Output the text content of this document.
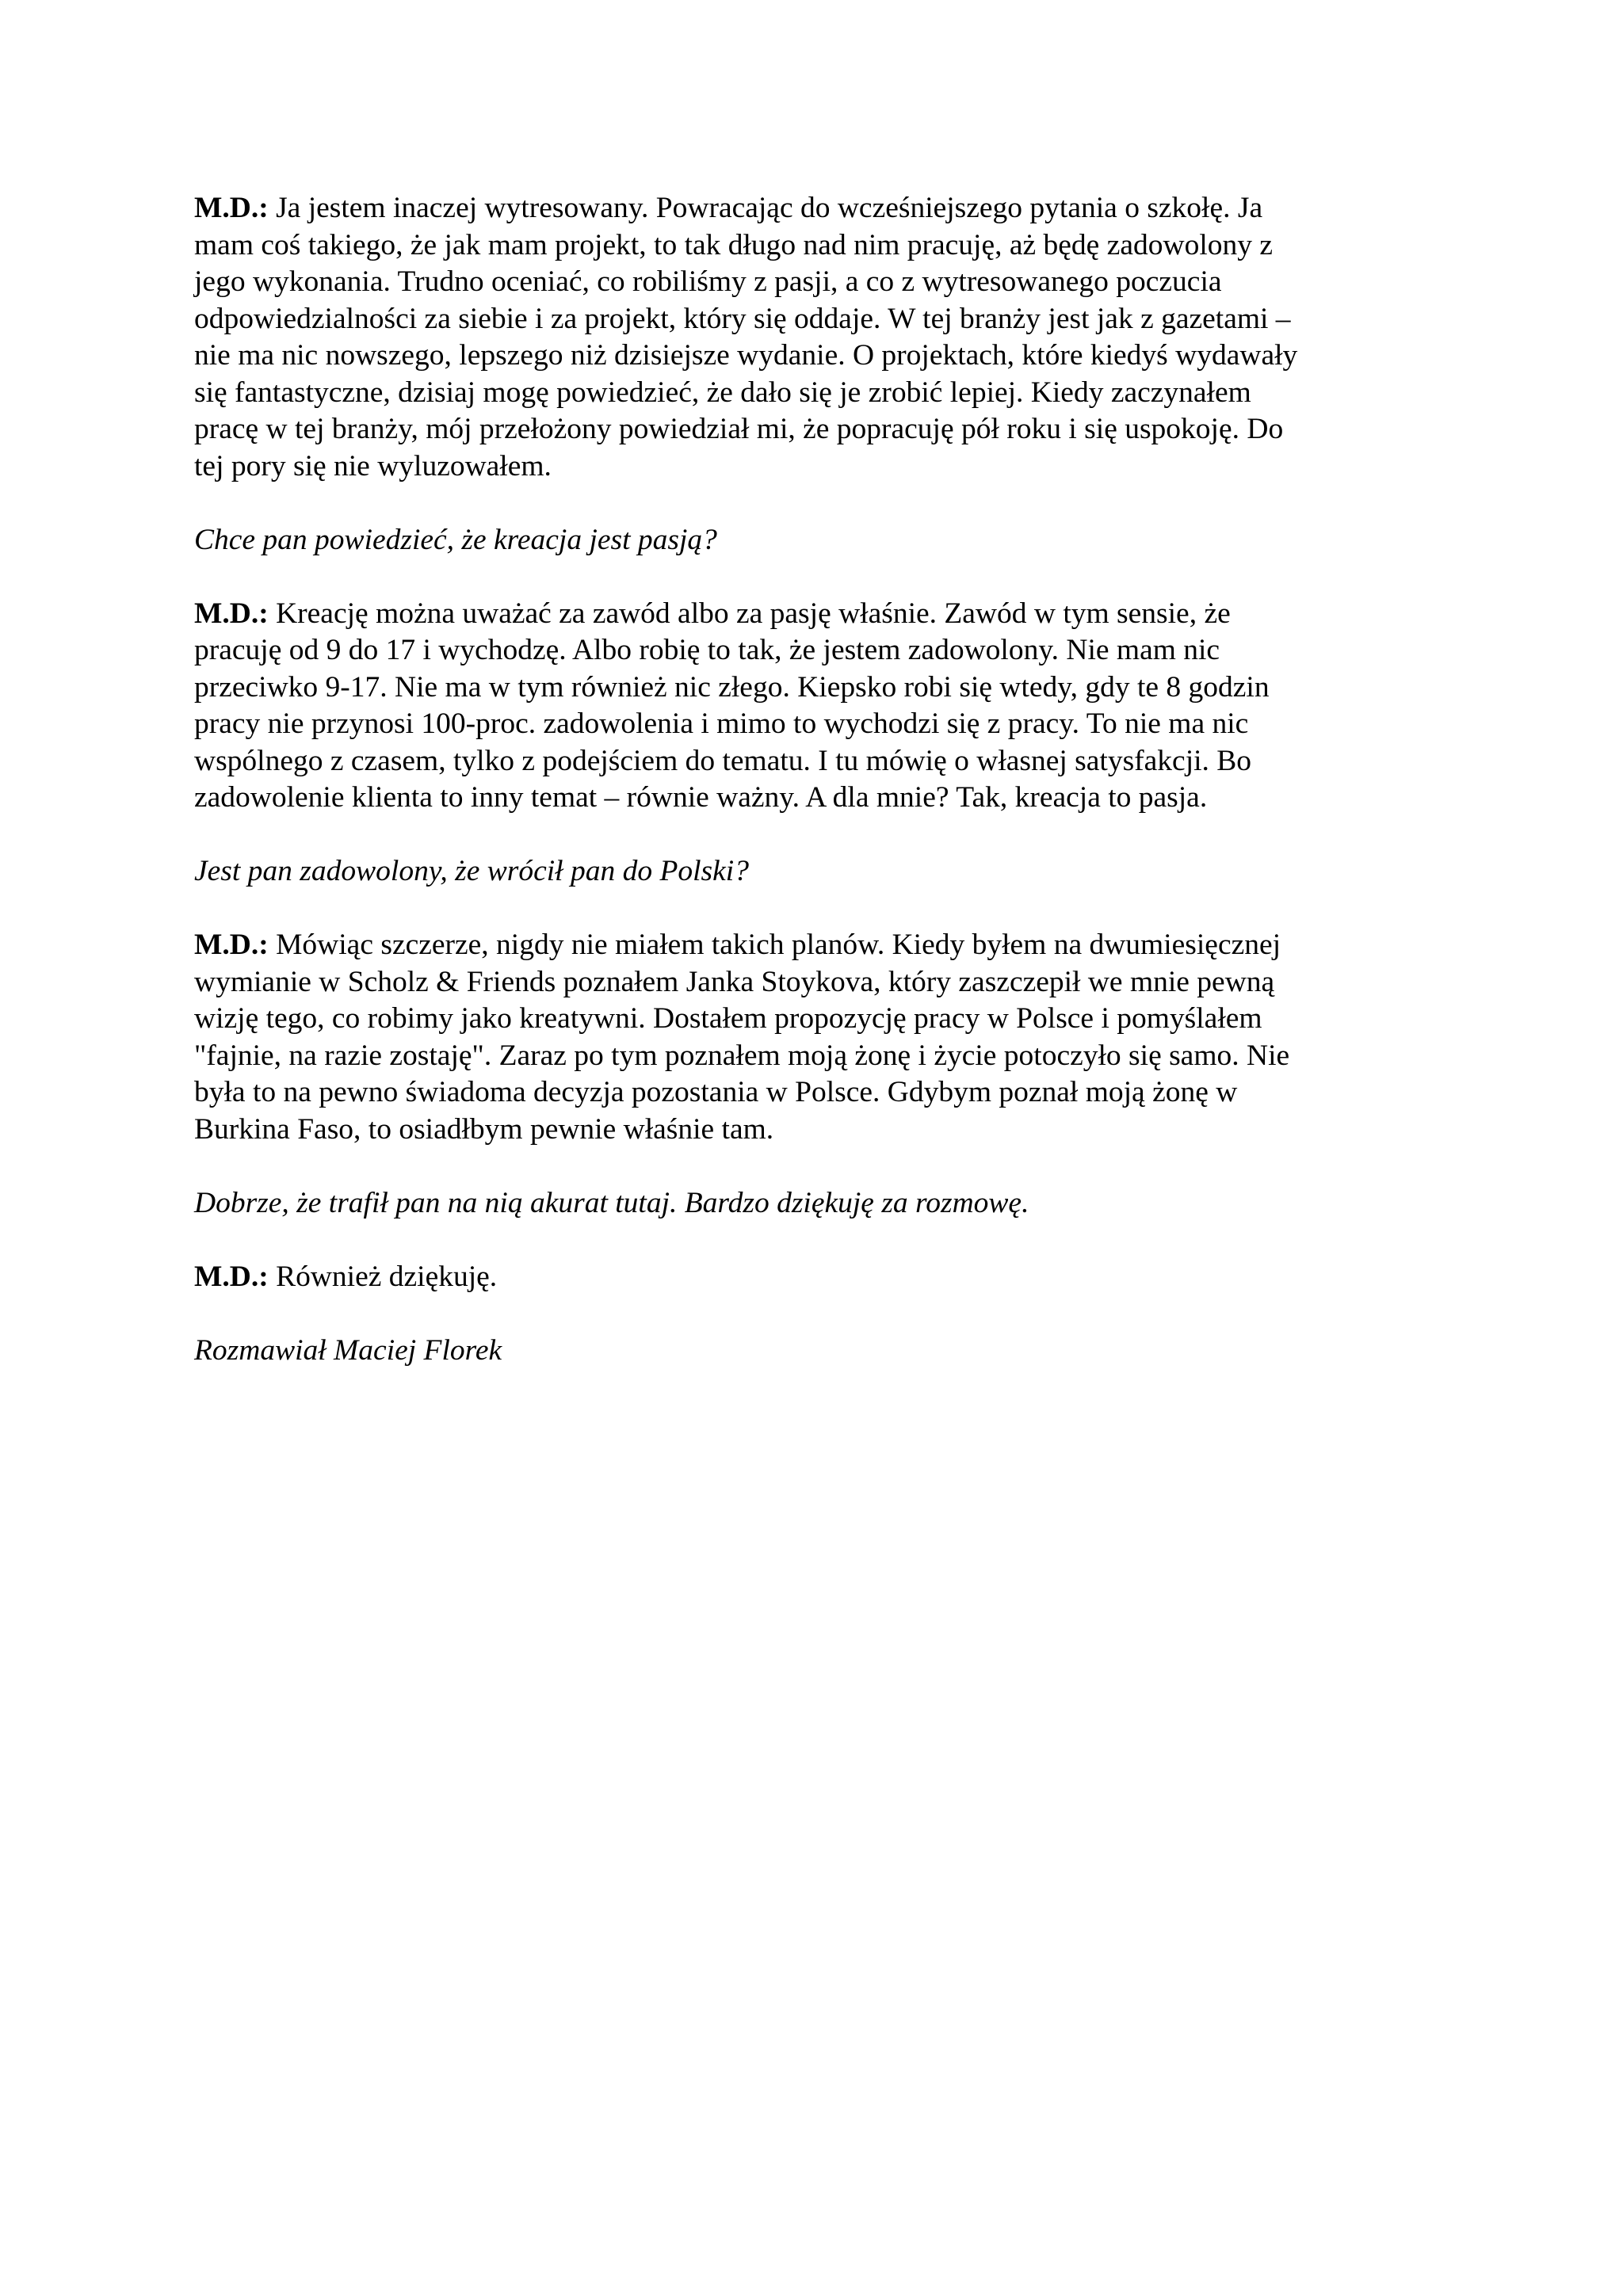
M.D.: Ja jestem inaczej wytresowany. Powracając do wcześniejszego pytania o szkołę. Ja
mam coś takiego, że jak mam projekt, to tak długo nad nim pracuję, aż będę zadowolony z
jego wykonania. Trudno oceniać, co robiliśmy z pasji, a co z wytresowanego poczucia
odpowiedzialności za siebie i za projekt, który się oddaje. W tej branży jest jak z gazetami –
nie ma nic nowszego, lepszego niż dzisiejsze wydanie. O projektach, które kiedyś wydawały
się fantastyczne, dzisiaj mogę powiedzieć, że dało się je zrobić lepiej. Kiedy zaczynałem
pracę w tej branży, mój przełożony powiedział mi, że popracuję pół roku i się uspokoję. Do
tej pory się nie wyluzowałem.

Chce pan powiedzieć, że kreacja jest pasją?

M.D.: Kreację można uważać za zawód albo za pasję właśnie. Zawód w tym sensie, że
pracuję od 9 do 17 i wychodzę. Albo robię to tak, że jestem zadowolony. Nie mam nic
przeciwko 9-17. Nie ma w tym również nic złego. Kiepsko robi się wtedy, gdy te 8 godzin
pracy nie przynosi 100-proc. zadowolenia i mimo to wychodzi się z pracy. To nie ma nic
wspólnego z czasem, tylko z podejściem do tematu. I tu mówię o własnej satysfakcji. Bo
zadowolenie klienta to inny temat – równie ważny. A dla mnie? Tak, kreacja to pasja.

Jest pan zadowolony, że wrócił pan do Polski?

M.D.: Mówiąc szczerze, nigdy nie miałem takich planów. Kiedy byłem na dwumiesięcznej
wymianie w Scholz & Friends poznałem Janka Stoykova, który zaszczepił we mnie pewną
wizję tego, co robimy jako kreatywni. Dostałem propozycję pracy w Polsce i pomyślałem
"fajnie, na razie zostaję". Zaraz po tym poznałem moją żonę i życie potoczyło się samo. Nie
była to na pewno świadoma decyzja pozostania w Polsce. Gdybym poznał moją żonę w
Burkina Faso, to osiadłbym pewnie właśnie tam.

Dobrze, że trafił pan na nią akurat tutaj. Bardzo dziękuję za rozmowę.

M.D.: Również dziękuję.

Rozmawiał Maciej Florek
